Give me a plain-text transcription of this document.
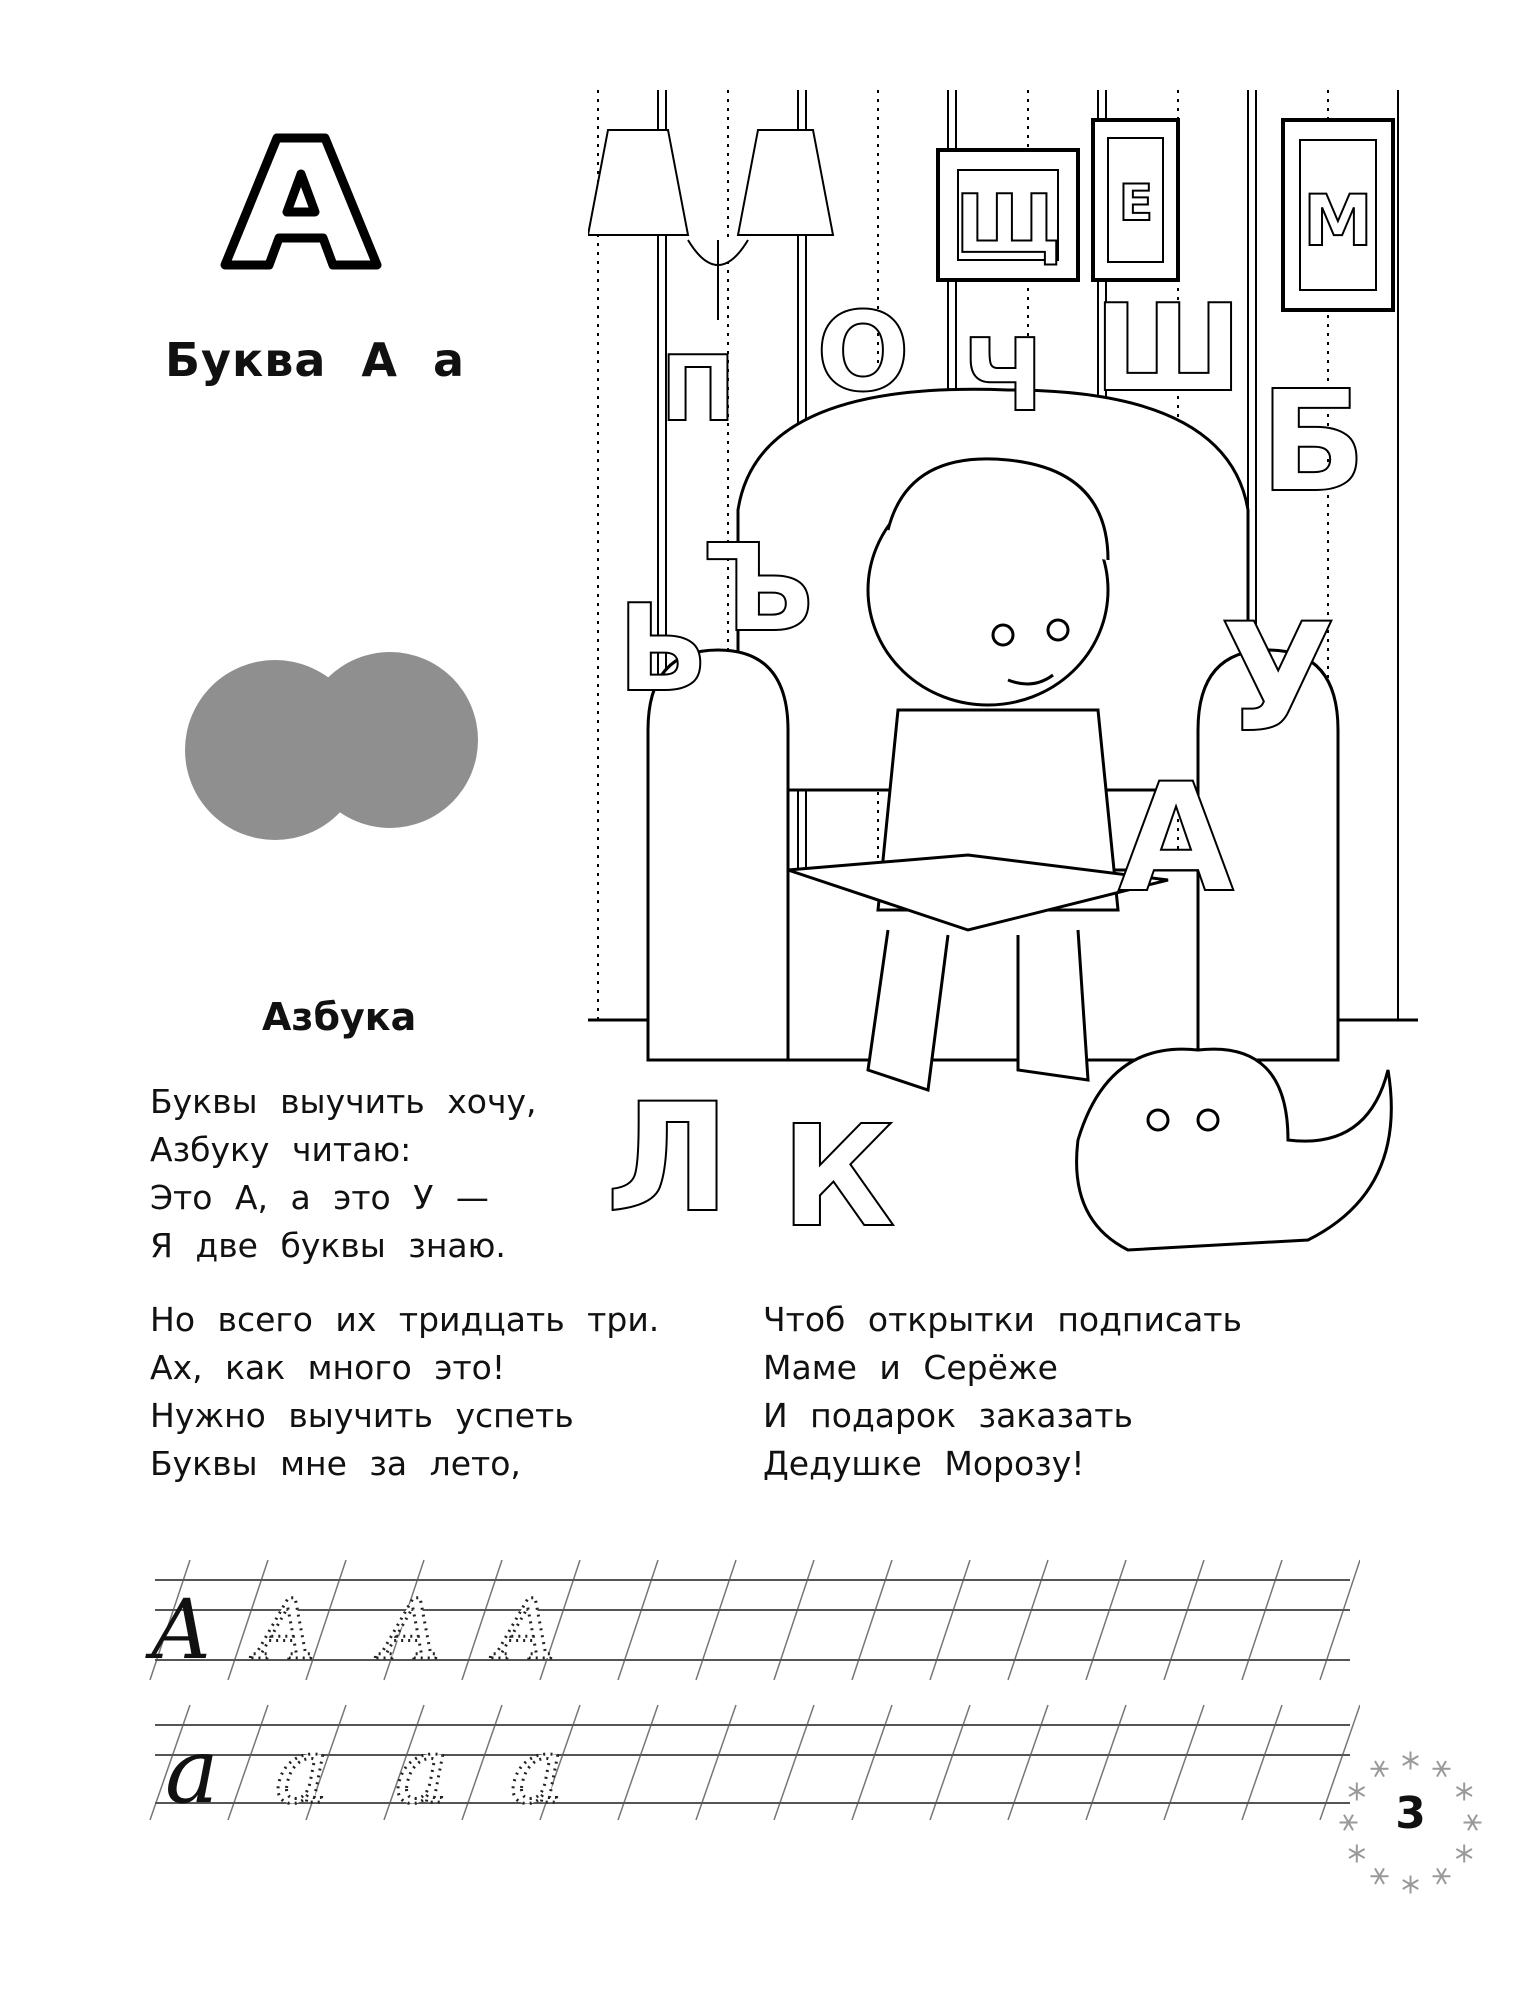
Буква А а
Щ Е М
П О Ч Ш
Б
Ъ
Ь	У
А
Л К
Азбука
Буквы выучить хочу,
Азбуку читаю:
Это А, а это У —
Я две буквы знаю.
Но всего их тридцать три.
Ах, как много это!
Нужно выучить успеть
Буквы мне за лето,
Чтоб открытки подписать
Маме и Серёже
И подарок заказать
Дедушке Морозу!
А А А А
а а а а	3
